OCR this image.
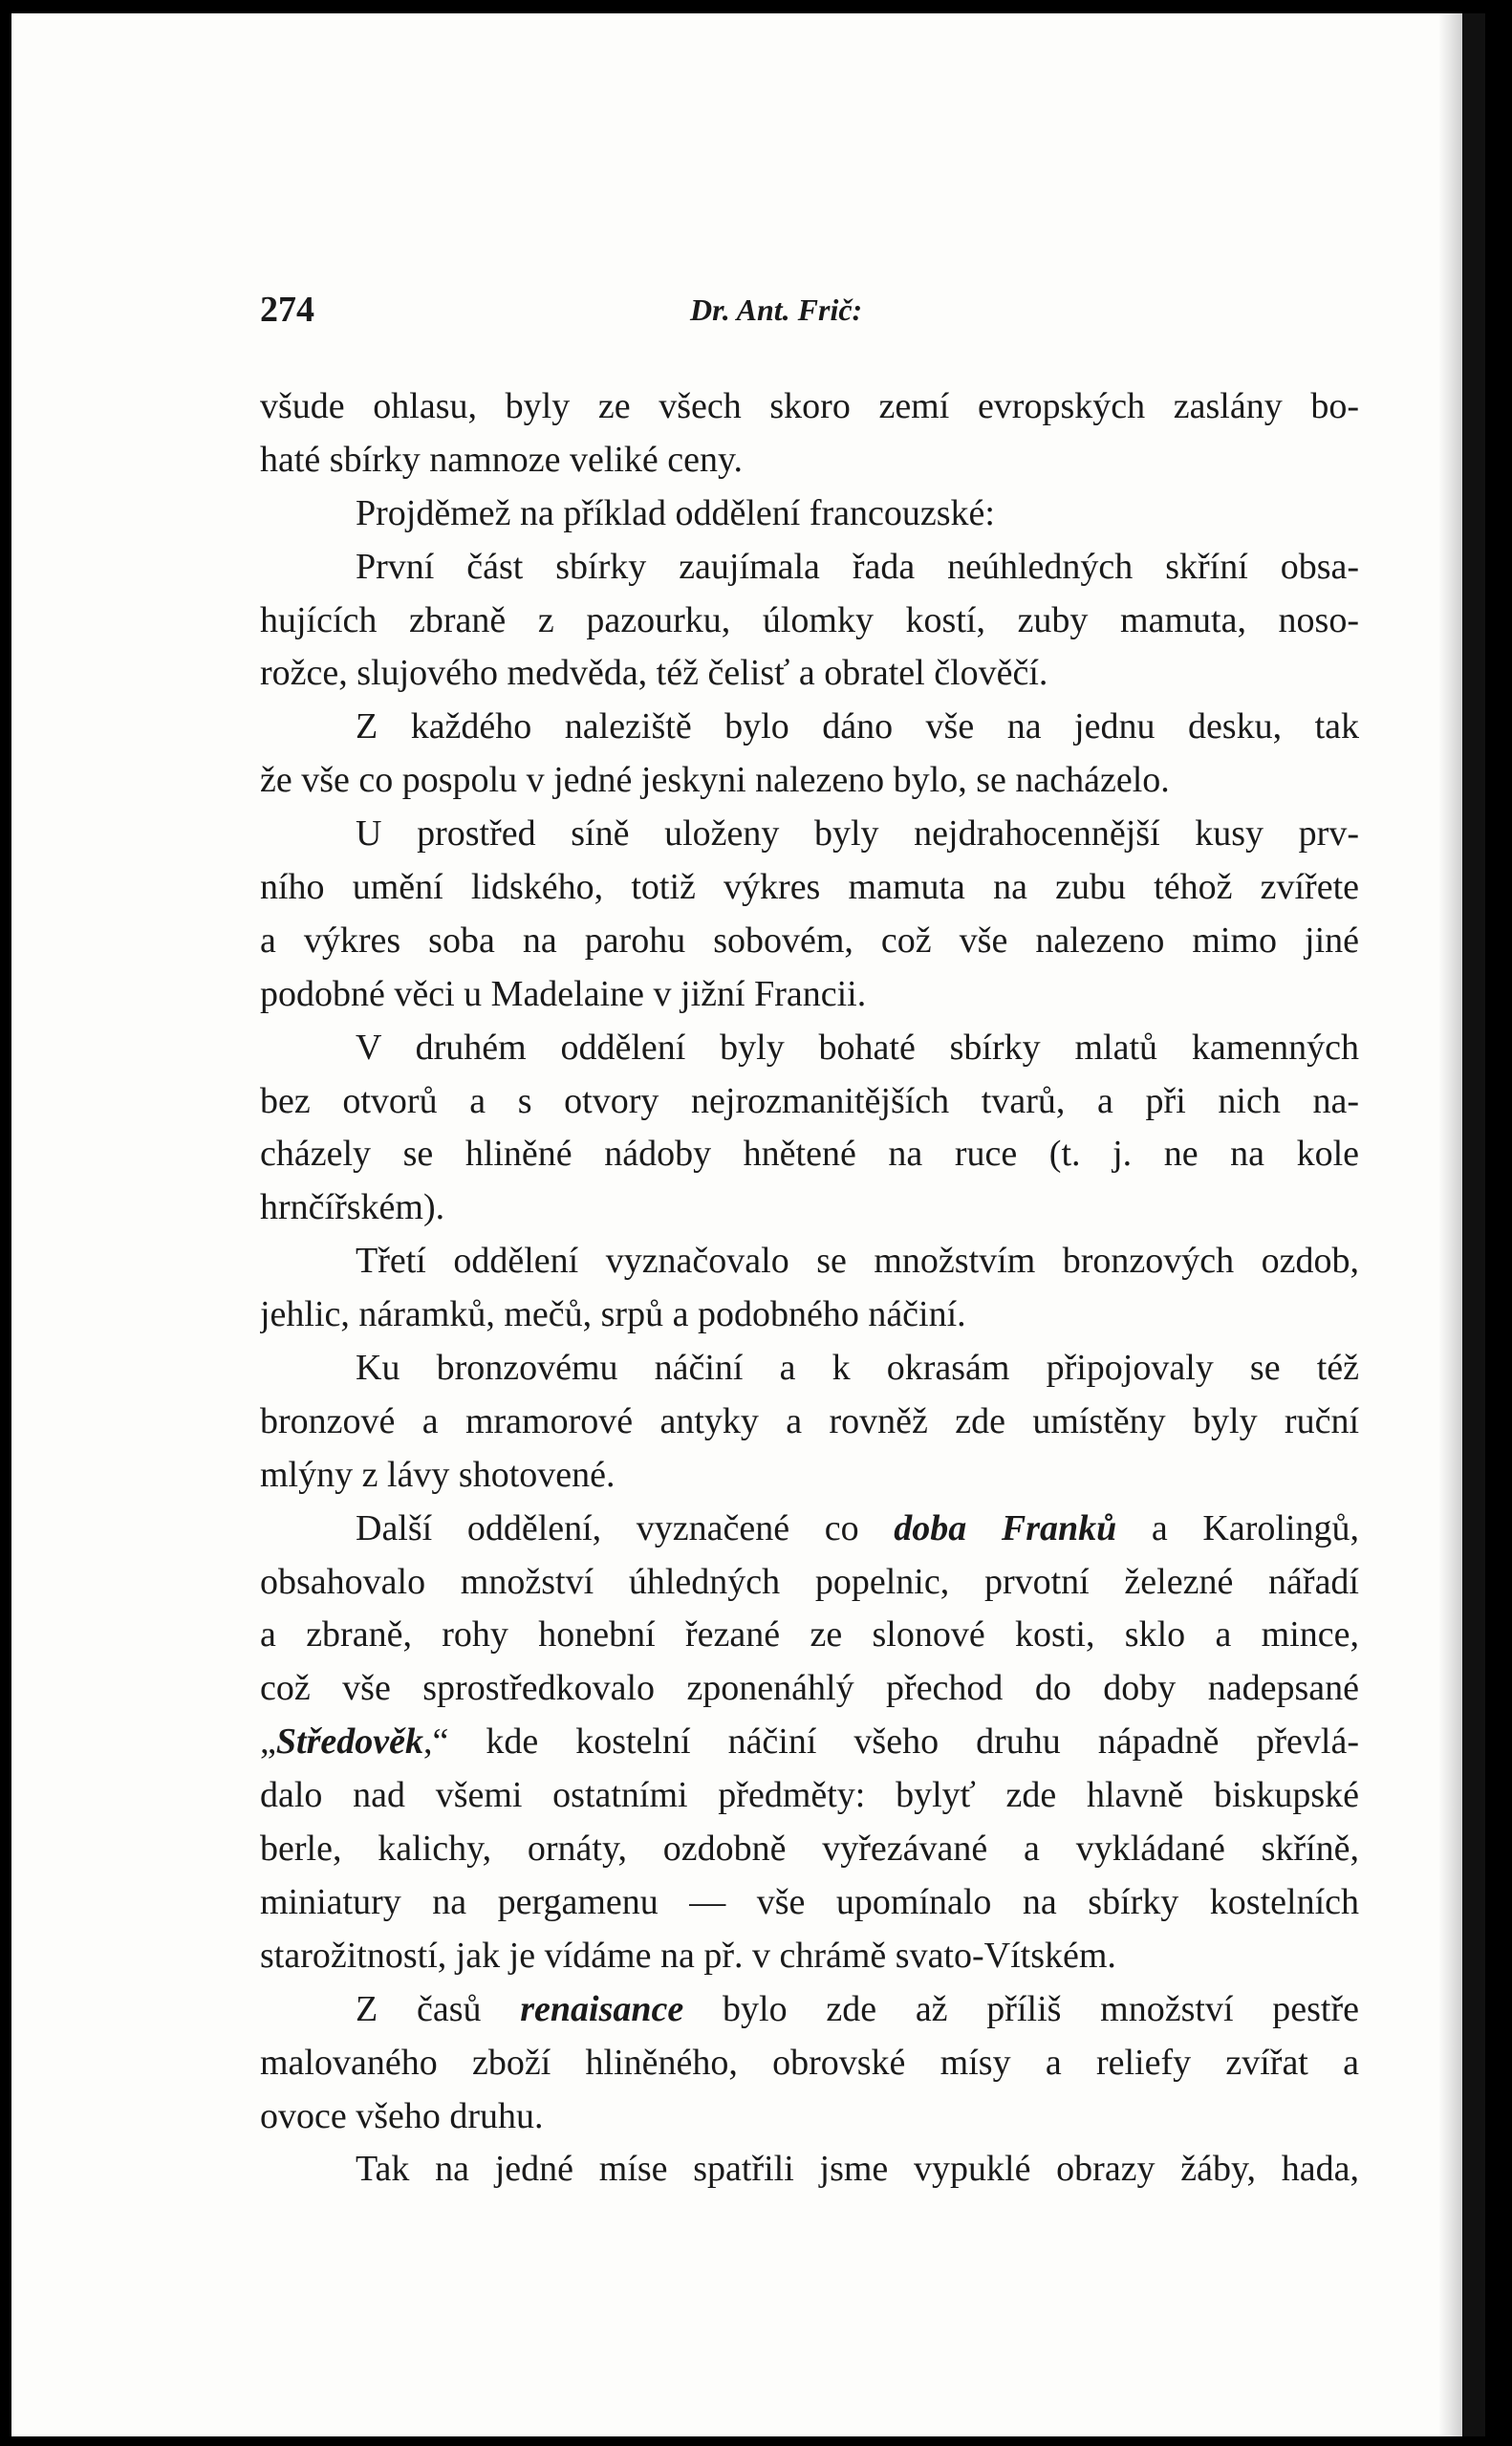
274	Dr. Ant. Frič:
všude ohlasu, byly ze všech skoro zemí evropských zaslány bo-
haté sbírky namnoze veliké ceny.
Projděmež na příklad oddělení francouzské:
První část sbírky zaujímala řada neúhledných skříní obsa-
hujících zbraně z pazourku, úlomky kostí, zuby mamuta, noso-
rožce, slujového medvěda, též čelisť a obratel člověčí.
Z každého naleziště bylo dáno vše na jednu desku, tak
že vše co pospolu v jedné jeskyni nalezeno bylo, se nacházelo.
U prostřed síně uloženy byly nejdrahocennější kusy prv-
ního umění lidského, totiž výkres mamuta na zubu téhož zvířete
a výkres soba na parohu sobovém, což vše nalezeno mimo jiné
podobné věci u Madelaine v jižní Francii.
V druhém oddělení byly bohaté sbírky mlatů kamenných
bez otvorů a s otvory nejrozmanitějších tvarů, a při nich na-
cházely se hliněné nádoby hnětené na ruce (t. j. ne na kole
hrnčířském).
Třetí oddělení vyznačovalo se množstvím bronzových ozdob,
jehlic, náramků, mečů, srpů a podobného náčiní.
Ku bronzovému náčiní a k okrasám připojovaly se též
bronzové a mramorové antyky a rovněž zde umístěny byly ruční
mlýny z lávy shotovené.
Další oddělení, vyznačené co doba Franků a Karolingů,
obsahovalo množství úhledných popelnic, prvotní železné nářadí
a zbraně, rohy honební řezané ze slonové kosti, sklo a mince,
což vše sprostředkovalo zponenáhlý přechod do doby nadepsané
„Středověk,“ kde kostelní náčiní všeho druhu nápadně převlá-
dalo nad všemi ostatními předměty: bylyť zde hlavně biskupské
berle, kalichy, ornáty, ozdobně vyřezávané a vykládané skříně,
miniatury na pergamenu — vše upomínalo na sbírky kostelních
starožitností, jak je vídáme na př. v chrámě svato-Vítském.
Z časů renaisance bylo zde až příliš množství pestře
malovaného zboží hliněného, obrovské mísy a reliefy zvířat a
ovoce všeho druhu.
Tak na jedné míse spatřili jsme vypuklé obrazy žáby, hada,
